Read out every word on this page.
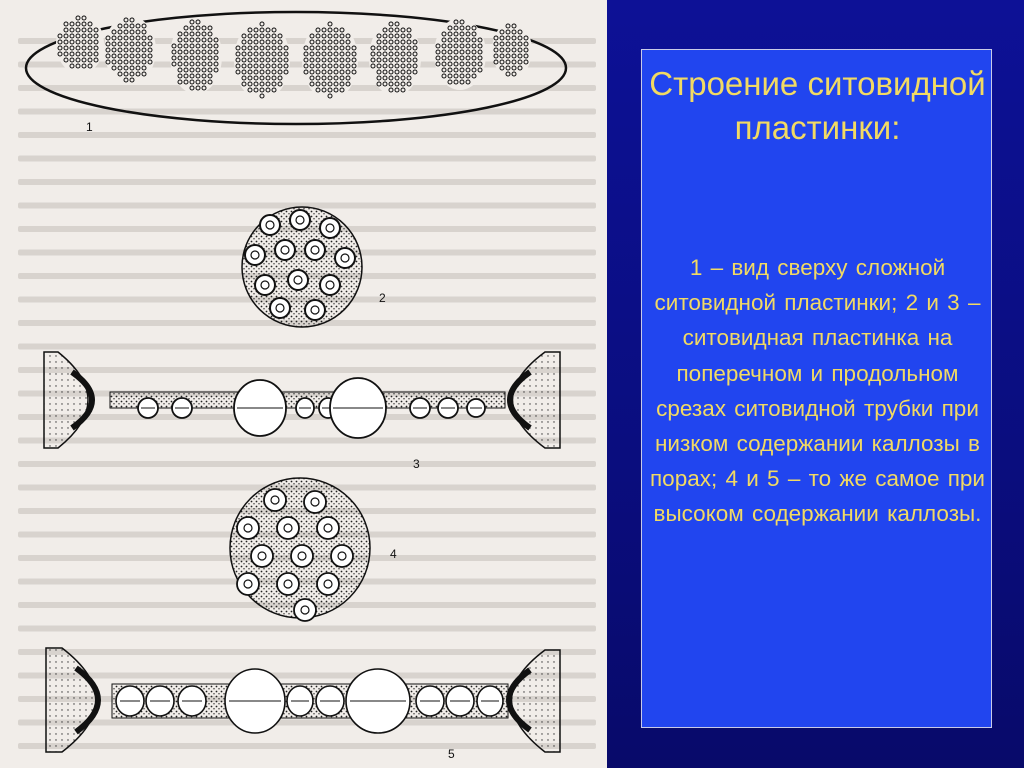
1
2
3
4
5
Строение ситовидной пластинки:
1 – вид сверху сложной ситовидной пластинки; 2 и 3 – ситовидная пластинка на поперечном и продольном срезах ситовидной трубки при низком содержании каллозы в порах; 4 и 5 – то же самое при высоком содержании каллозы.
